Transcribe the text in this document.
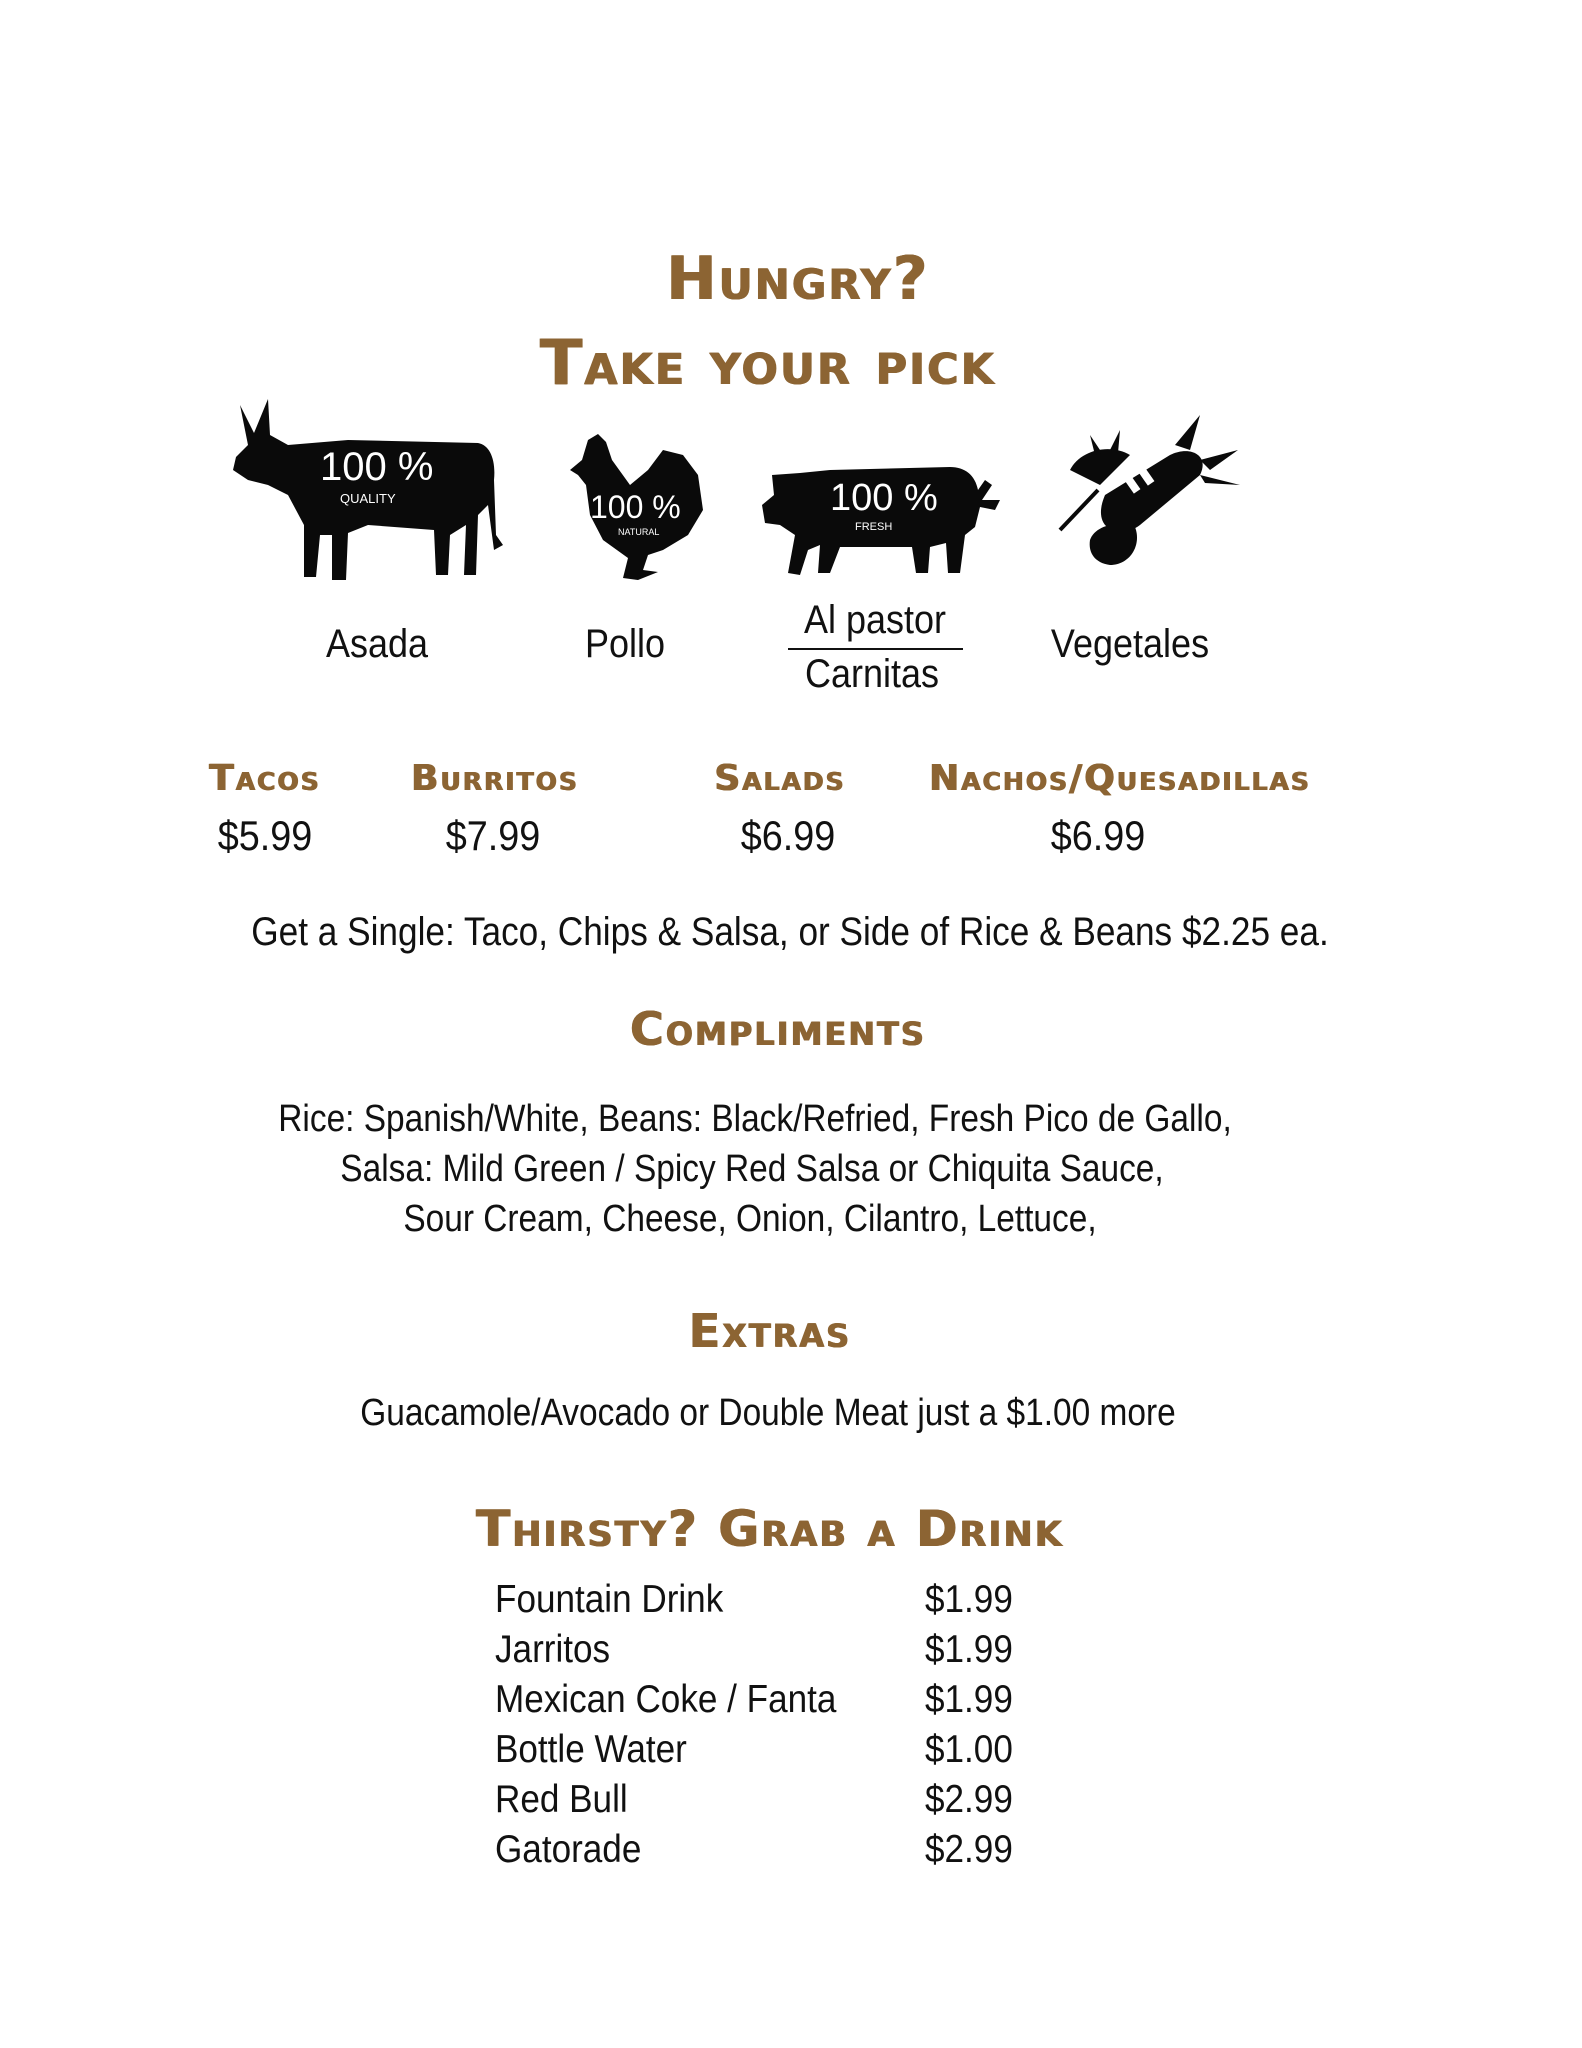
Hungry?
Take your pick
100 %
QUALITY	100 %
NATURAL
100 %
FRESH
Asada	Pollo
Al pastor
Carnitas
Vegetales
Tacos
$5.99
Burritos
$7.99
Salads
$6.99
Nachos/Quesadillas
$6.99
Get a Single: Taco, Chips & Salsa, or Side of Rice & Beans $2.25 ea.
Compliments
Rice: Spanish/White, Beans: Black/Refried, Fresh Pico de Gallo,
Salsa: Mild Green / Spicy Red Salsa or Chiquita Sauce,
Sour Cream, Cheese, Onion, Cilantro, Lettuce,
Extras
Guacamole/Avocado or Double Meat just a $1.00 more
Thirsty? Grab a Drink
Fountain Drink	$1.99
Jarritos	$1.99
Mexican Coke / Fanta $1.99
Bottle Water	$1.00
Red Bull	$2.99
Gatorade	$2.99
